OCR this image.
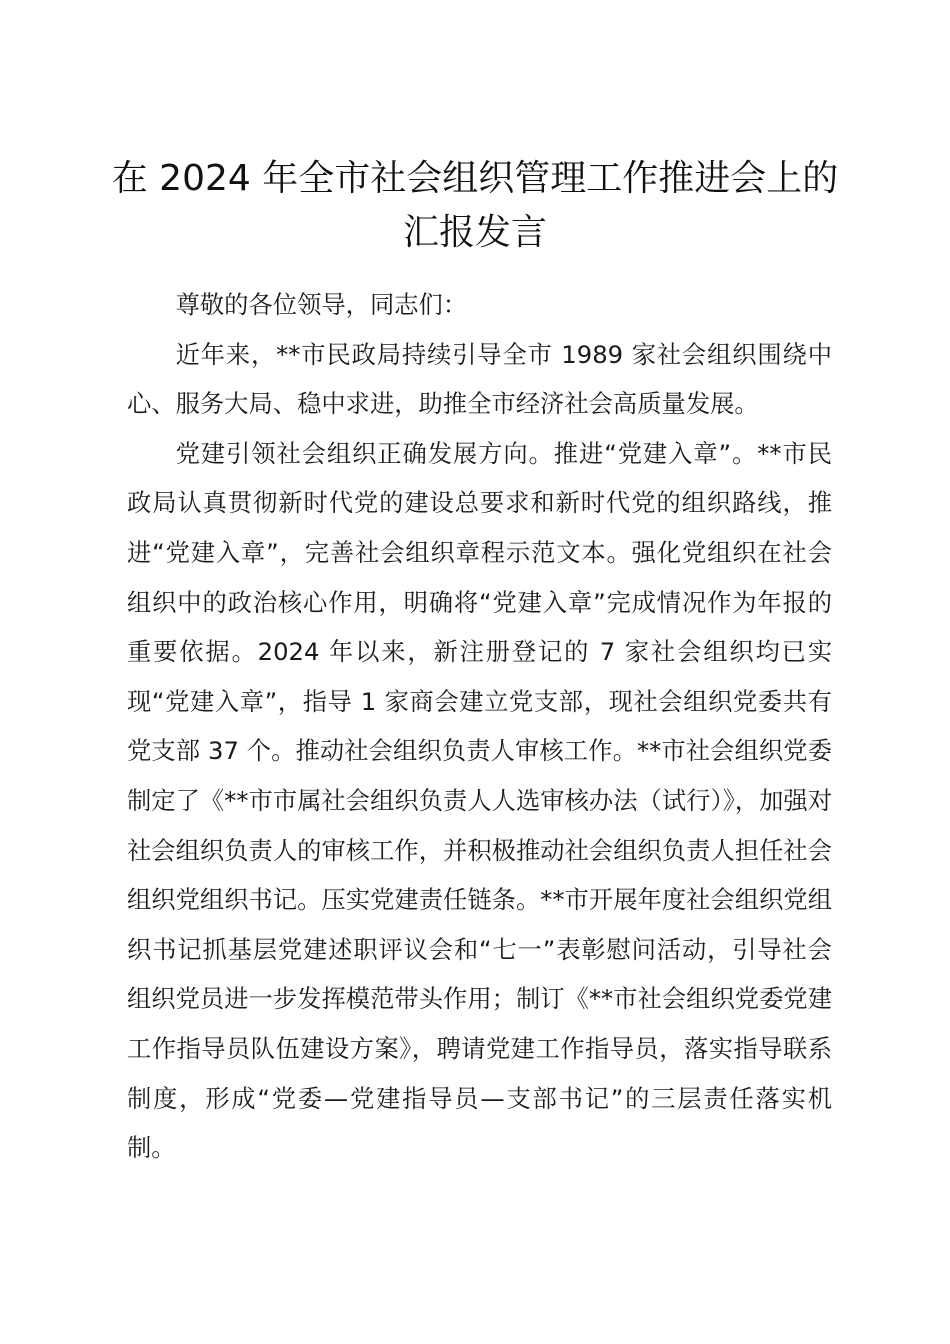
在 2024 年全市社会组织管理工作推进会上的汇报发言

尊敬的各位领导，同志们：

近年来，**市民政局持续引导全市 1989 家社会组织围绕中心、服务大局、稳中求进，助推全市经济社会高质量发展。

党建引领社会组织正确发展方向。推进“党建入章”。**市民政局认真贯彻新时代党的建设总要求和新时代党的组织路线，推进“党建入章”，完善社会组织章程示范文本。强化党组织在社会组织中的政治核心作用，明确将“党建入章”完成情况作为年报的重要依据。2024 年以来，新注册登记的 7 家社会组织均已实现“党建入章”，指导 1 家商会建立党支部，现社会组织党委共有党支部 37 个。推动社会组织负责人审核工作。**市社会组织党委制定了《**市市属社会组织负责人人选审核办法（试行）》，加强对社会组织负责人的审核工作，并积极推动社会组织负责人担任社会组织党组织书记。压实党建责任链条。**市开展年度社会组织党组织书记抓基层党建述职评议会和“七一”表彰慰问活动，引导社会组织党员进一步发挥模范带头作用；制订《**市社会组织党委党建工作指导员队伍建设方案》，聘请党建工作指导员，落实指导联系制度，形成“党委—党建指导员—支部书记”的三层责任落实机制。
